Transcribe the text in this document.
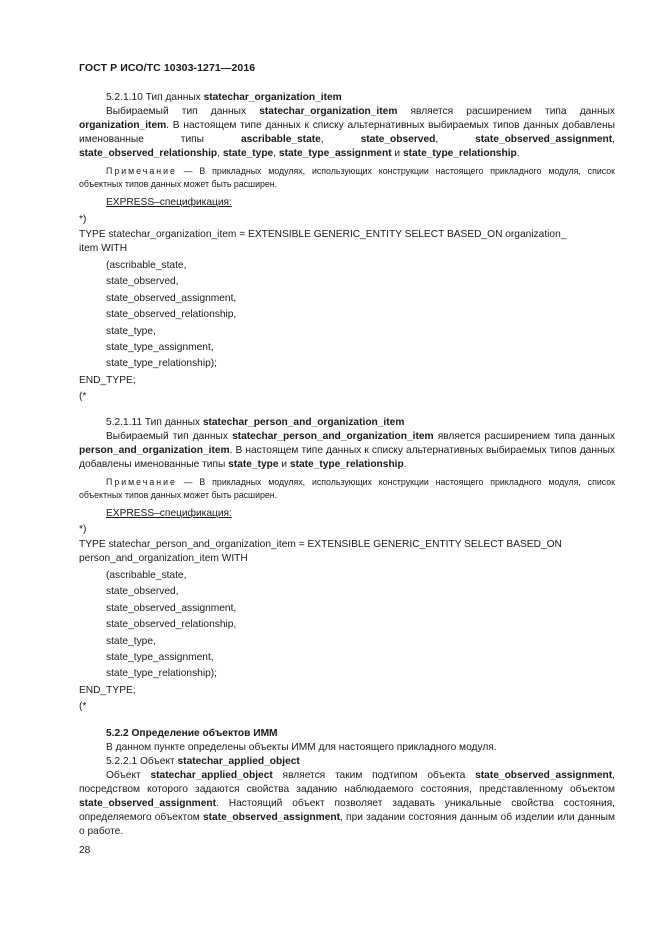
ГОСТ Р ИСО/ТС 10303-1271—2016

5.2.1.10 Тип данных statechar_organization_item

Выбираемый тип данных statechar_organization_item является расширением типа данных organization_item. В настоящем типе данных к списку альтернативных выбираемых типов данных добавлены именованные типы ascribable_state, state_observed, state_observed_assignment, state_observed_relationship, state_type, state_type_assignment и state_type_relationship.

Примечание — В прикладных модулях, использующих конструкции настоящего прикладного модуля, список объектных типов данных может быть расширен.

EXPRESS–спецификация:

*)

TYPE statechar_organization_item = EXTENSIBLE GENERIC_ENTITY SELECT BASED_ON organization_

item WITH

(ascribable_state,

state_observed,

state_observed_assignment,

state_observed_relationship,

state_type,

state_type_assignment,

state_type_relationship);

END_TYPE;

(*

5.2.1.11 Тип данных statechar_person_and_organization_item

Выбираемый тип данных statechar_person_and_organization_item является расширением типа данных person_and_organization_item. В настоящем типе данных к списку альтернативных выбираемых типов данных добавлены именованные типы state_type и state_type_relationship.

Примечание — В прикладных модулях, использующих конструкции настоящего прикладного модуля, список объектных типов данных может быть расширен.

EXPRESS–спецификация:

*)

TYPE statechar_person_and_organization_item = EXTENSIBLE GENERIC_ENTITY SELECT BASED_ON

person_and_organization_item WITH

(ascribable_state,

state_observed,

state_observed_assignment,

state_observed_relationship,

state_type,

state_type_assignment,

state_type_relationship);

END_TYPE;

(*

5.2.2 Определение объектов ИММ

В данном пункте определены объекты ИММ для настоящего прикладного модуля.

5.2.2.1 Объект statechar_applied_object

Объект statechar_applied_object является таким подтипом объекта state_observed_assignment, посредством которого задаются свойства заданию наблюдаемого состояния, представленному объектом state_observed_assignment. Настоящий объект позволяет задавать уникальные свойства состояния, определяемого объектом state_observed_assignment, при задании состояния данным об изделии или данным о работе.

28
